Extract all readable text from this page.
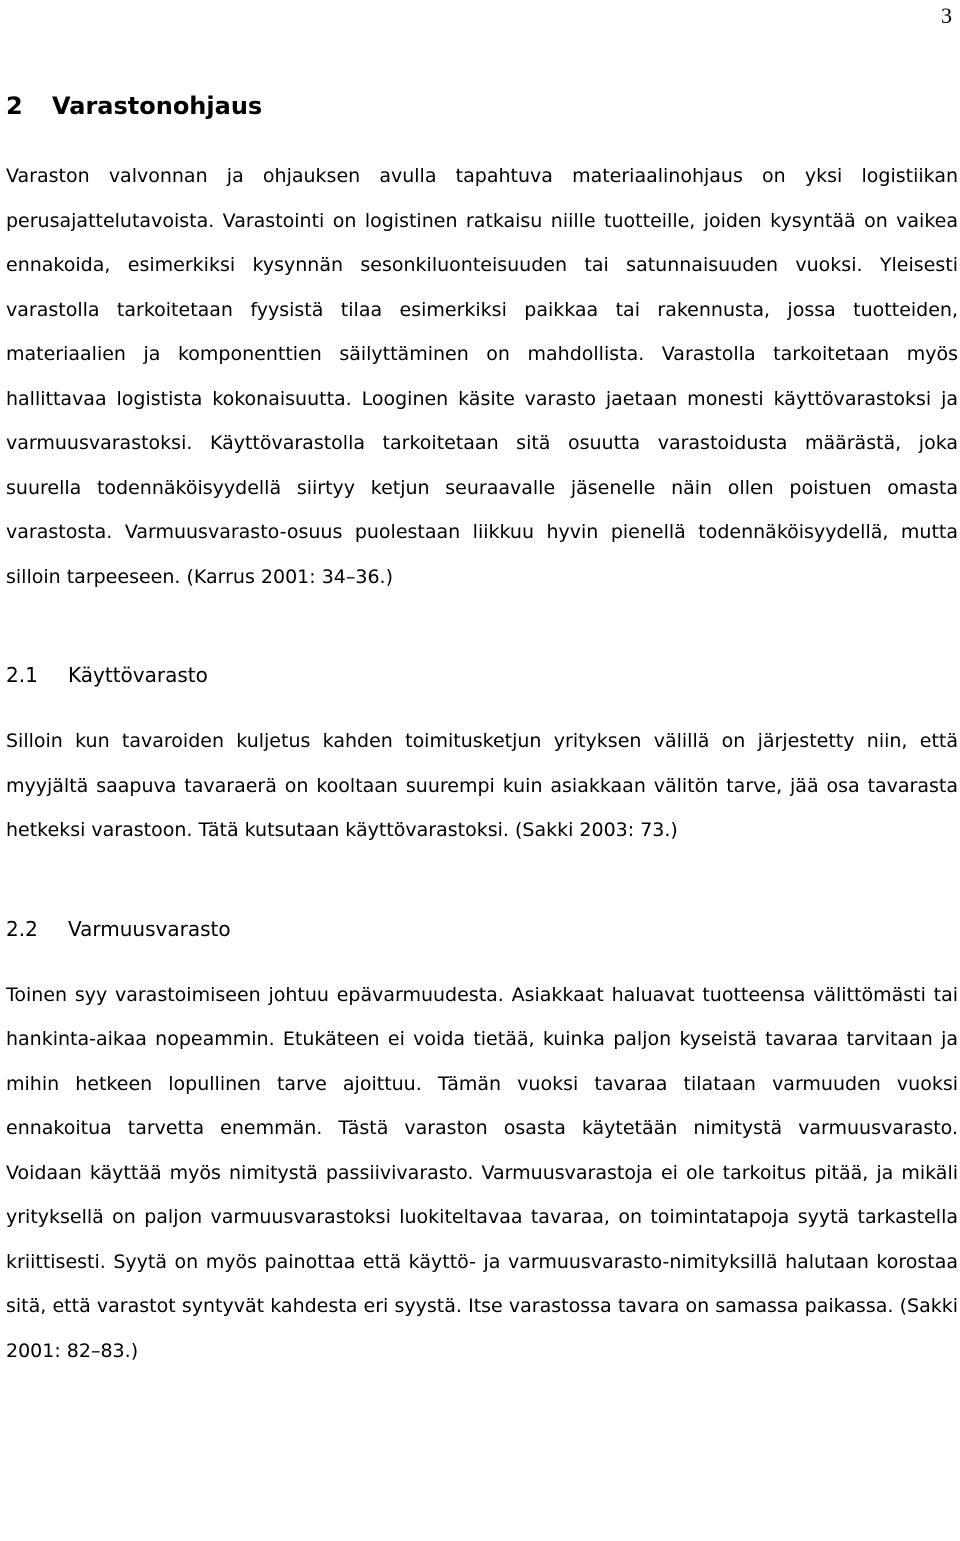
3
2 Varastonohjaus

Varaston valvonnan ja ohjauksen avulla tapahtuva materiaalinohjaus on yksi logistiikan perusajattelutavoista. Varastointi on logistinen ratkaisu niille tuotteille, joiden kysyntää on vaikea ennakoida, esimerkiksi kysynnän sesonkiluonteisuuden tai satunnaisuuden vuoksi. Yleisesti varastolla tarkoitetaan fyysistä tilaa esimerkiksi paikkaa tai rakennusta, jossa tuotteiden, materiaalien ja komponenttien säilyttäminen on mahdollista. Varastolla tarkoitetaan myös hallittavaa logistista kokonaisuutta. Looginen käsite varasto jaetaan monesti käyttövarastoksi ja varmuusvarastoksi. Käyttövarastolla tarkoitetaan sitä osuutta varastoidusta määrästä, joka suurella todennäköisyydellä siirtyy ketjun seuraavalle jäsenelle näin ollen poistuen omasta varastosta. Varmuusvarasto-osuus puolestaan liikkuu hyvin pienellä todennäköisyydellä, mutta silloin tarpeeseen. (Karrus 2001: 34–36.)

2.1 Käyttövarasto

Silloin kun tavaroiden kuljetus kahden toimitusketjun yrityksen välillä on järjestetty niin, että myyjältä saapuva tavaraerä on kooltaan suurempi kuin asiakkaan välitön tarve, jää osa tavarasta hetkeksi varastoon. Tätä kutsutaan käyttövarastoksi. (Sakki 2003: 73.)

2.2 Varmuusvarasto

Toinen syy varastoimiseen johtuu epävarmuudesta. Asiakkaat haluavat tuotteensa välittömästi tai hankinta-aikaa nopeammin. Etukäteen ei voida tietää, kuinka paljon kyseistä tavaraa tarvitaan ja mihin hetkeen lopullinen tarve ajoittuu. Tämän vuoksi tavaraa tilataan varmuuden vuoksi ennakoitua tarvetta enemmän. Tästä varaston osasta käytetään nimitystä varmuusvarasto. Voidaan käyttää myös nimitystä passiivivarasto. Varmuusvarastoja ei ole tarkoitus pitää, ja mikäli yrityksellä on paljon varmuusvarastoksi luokiteltavaa tavaraa, on toimintatapoja syytä tarkastella kriittisesti. Syytä on myös painottaa että käyttö- ja varmuusvarasto-nimityksillä halutaan korostaa sitä, että varastot syntyvät kahdesta eri syystä. Itse varastossa tavara on samassa paikassa. (Sakki 2001: 82–83.)
